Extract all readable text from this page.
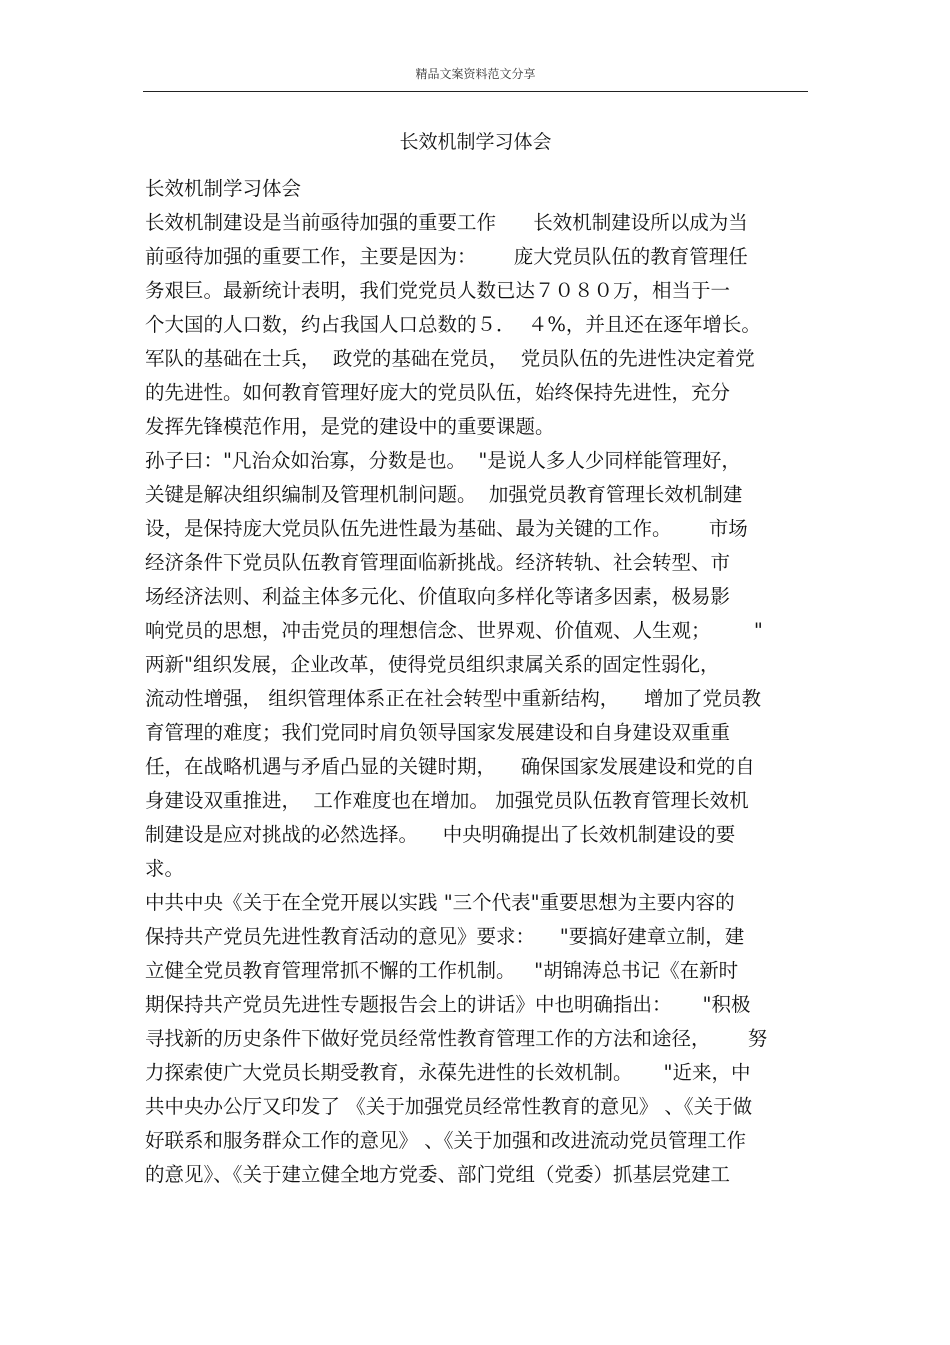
精品文案资料范文分享
长效机制学习体会
长效机制学习体会
长效机制建设是当前亟待加强的重要工作      长效机制建设所以成为当
前亟待加强的重要工作，主要是因为：      庞大党员队伍的教育管理任
务艰巨。最新统计表明，我们党党员人数已达７０８０万，相当于一
个大国的人口数，约占我国人口总数的５．  ４%，并且还在逐年增长。
军队的基础在士兵，  政党的基础在党员，  党员队伍的先进性决定着党
的先进性。如何教育管理好庞大的党员队伍，始终保持先进性，充分
发挥先锋模范作用，是党的建设中的重要课题。
孙子曰："凡治众如治寡，分数是也。  "是说人多人少同样能管理好，
关键是解决组织编制及管理机制问题。  加强党员教育管理长效机制建
设，是保持庞大党员队伍先进性最为基础、最为关键的工作。      市场
经济条件下党员队伍教育管理面临新挑战。经济转轨、社会转型、市
场经济法则、利益主体多元化、价值取向多样化等诸多因素，极易影
响党员的思想，冲击党员的理想信念、世界观、价值观、人生观；       "
两新"组织发展，企业改革，使得党员组织隶属关系的固定性弱化，
流动性增强， 组织管理体系正在社会转型中重新结构，    增加了党员教
育管理的难度；我们党同时肩负领导国家发展建设和自身建设双重重
任，在战略机遇与矛盾凸显的关键时期，    确保国家发展建设和党的自
身建设双重推进，  工作难度也在增加。 加强党员队伍教育管理长效机
制建设是应对挑战的必然选择。    中央明确提出了长效机制建设的要
求。
中共中央《关于在全党开展以实践 "三个代表"重要思想为主要内容的
保持共产党员先进性教育活动的意见》要求：    "要搞好建章立制，建
立健全党员教育管理常抓不懈的工作机制。   "胡锦涛总书记《在新时
期保持共产党员先进性专题报告会上的讲话》中也明确指出：     "积极
寻找新的历史条件下做好党员经常性教育管理工作的方法和途径，      努
力探索使广大党员长期受教育，永葆先进性的长效机制。     "近来，中
共中央办公厅又印发了 《关于加强党员经常性教育的意见》 、《关于做
好联系和服务群众工作的意见》 、《关于加强和改进流动党员管理工作
的意见》、《关于建立健全地方党委、部门党组（党委）抓基层党建工
